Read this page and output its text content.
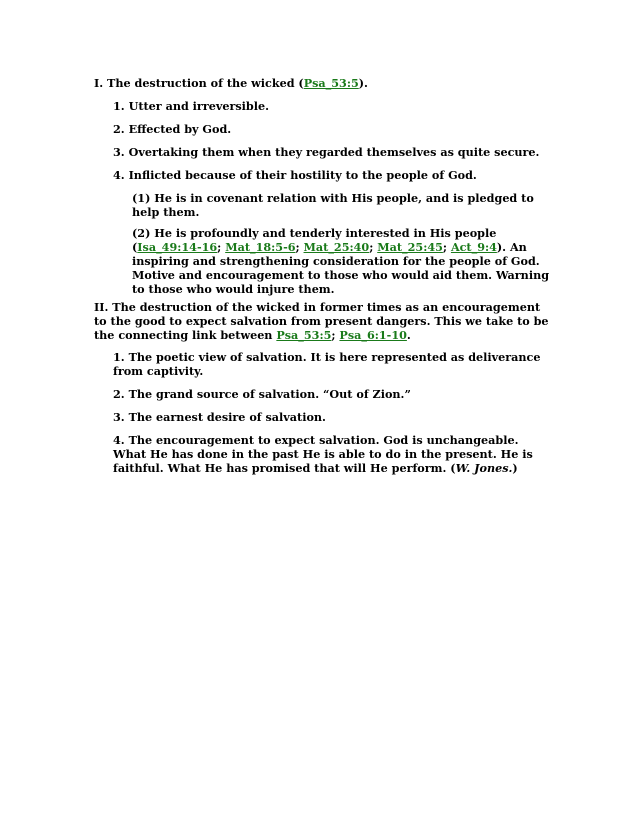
I. The destruction of the wicked (Psa_53:5).

1. Utter and irreversible.

2. Effected by God.

3. Overtaking them when they regarded themselves as quite secure.

4. Inflicted because of their hostility to the people of God.

(1) He is in covenant relation with His people, and is pledged to help them.

(2) He is profoundly and tenderly interested in His people (Isa_49:14-16; Mat_18:5-6; Mat_25:40; Mat_25:45; Act_9:4). An inspiring and strengthening consideration for the people of God. Motive and encouragement to those who would aid them. Warning to those who would injure them.

II. The destruction of the wicked in former times as an encouragement to the good to expect salvation from present dangers. This we take to be the connecting link between Psa_53:5; Psa_6:1-10.

1. The poetic view of salvation. It is here represented as deliverance from captivity.

2. The grand source of salvation. “Out of Zion.”

3. The earnest desire of salvation.

4. The encouragement to expect salvation. God is unchangeable. What He has done in the past He is able to do in the present. He is faithful. What He has promised that will He perform. (W. Jones.)
